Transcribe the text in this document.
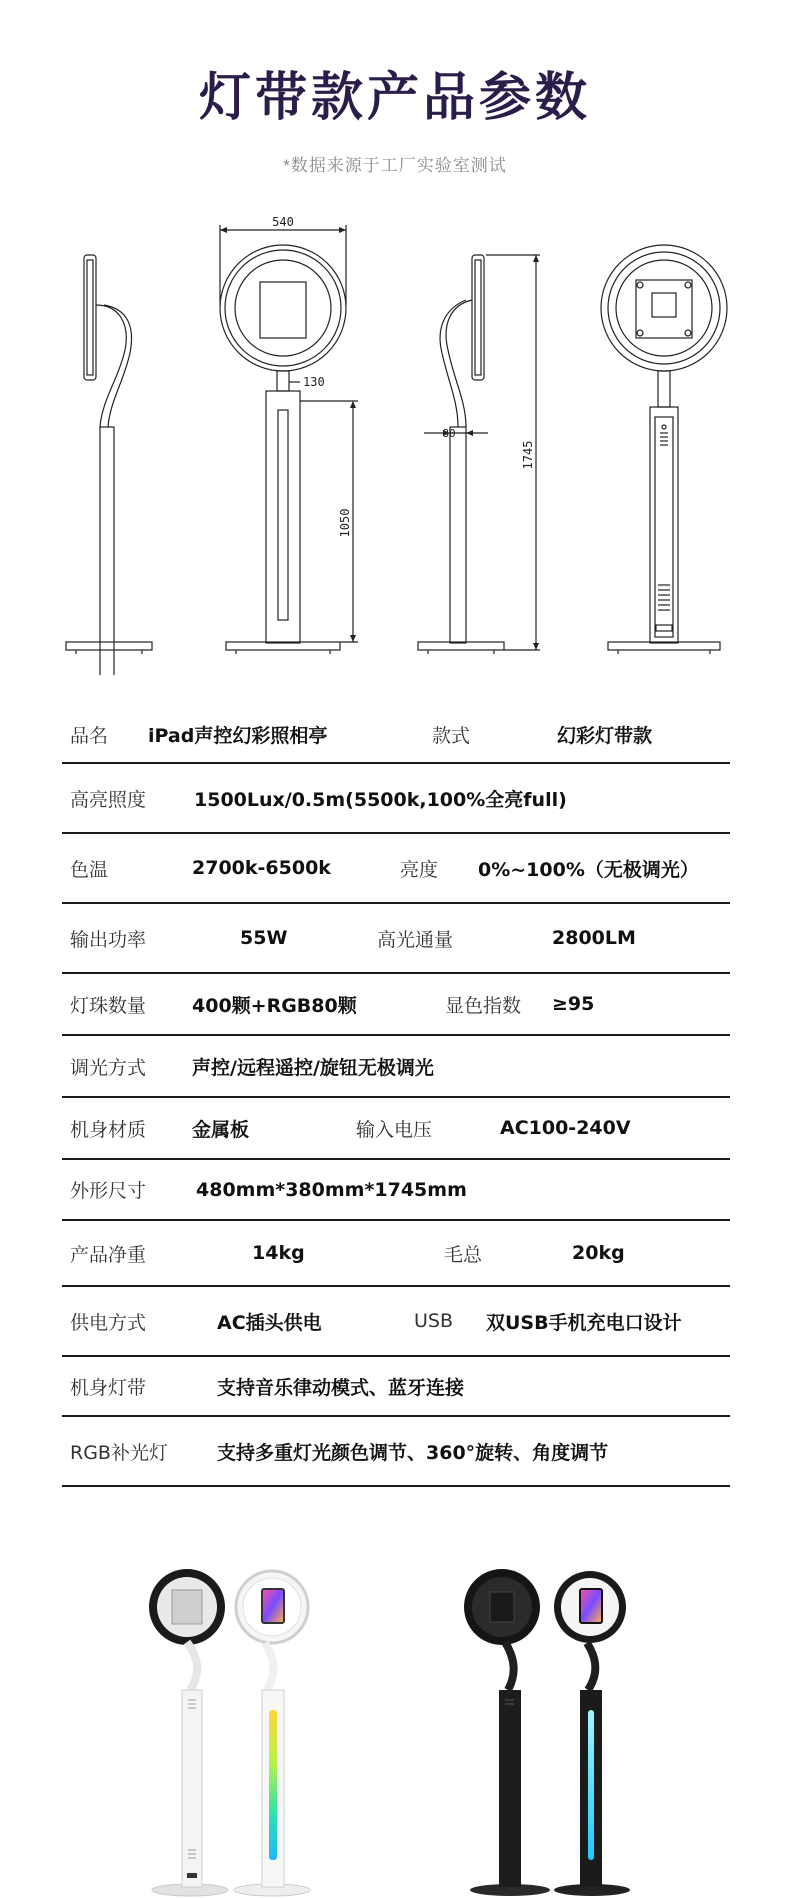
灯带款产品参数
*数据来源于工厂实验室测试
540
130
80
1050
1745
品名 iPad声控幻彩照相亭	款式	幻彩灯带款
高亮照度	1500Lux/0.5m(5500k,100%全亮full)
色温	2700k-6500k	亮度 0%~100%（无极调光）
输出功率	55W	高光通量	2800LM
灯珠数量 400颗+RGB80颗	显色指数 ≥95
调光方式 声控/远程遥控/旋钮无极调光
机身材质 金属板	输入电压	AC100-240V
外形尺寸	480mm*380mm*1745mm
产品净重	14kg	毛总	20kg
供电方式	AC插头供电	USB 双USB手机充电口设计
机身灯带	支持音乐律动模式、蓝牙连接
RGB补光灯	支持多重灯光颜色调节、360°旋转、角度调节
